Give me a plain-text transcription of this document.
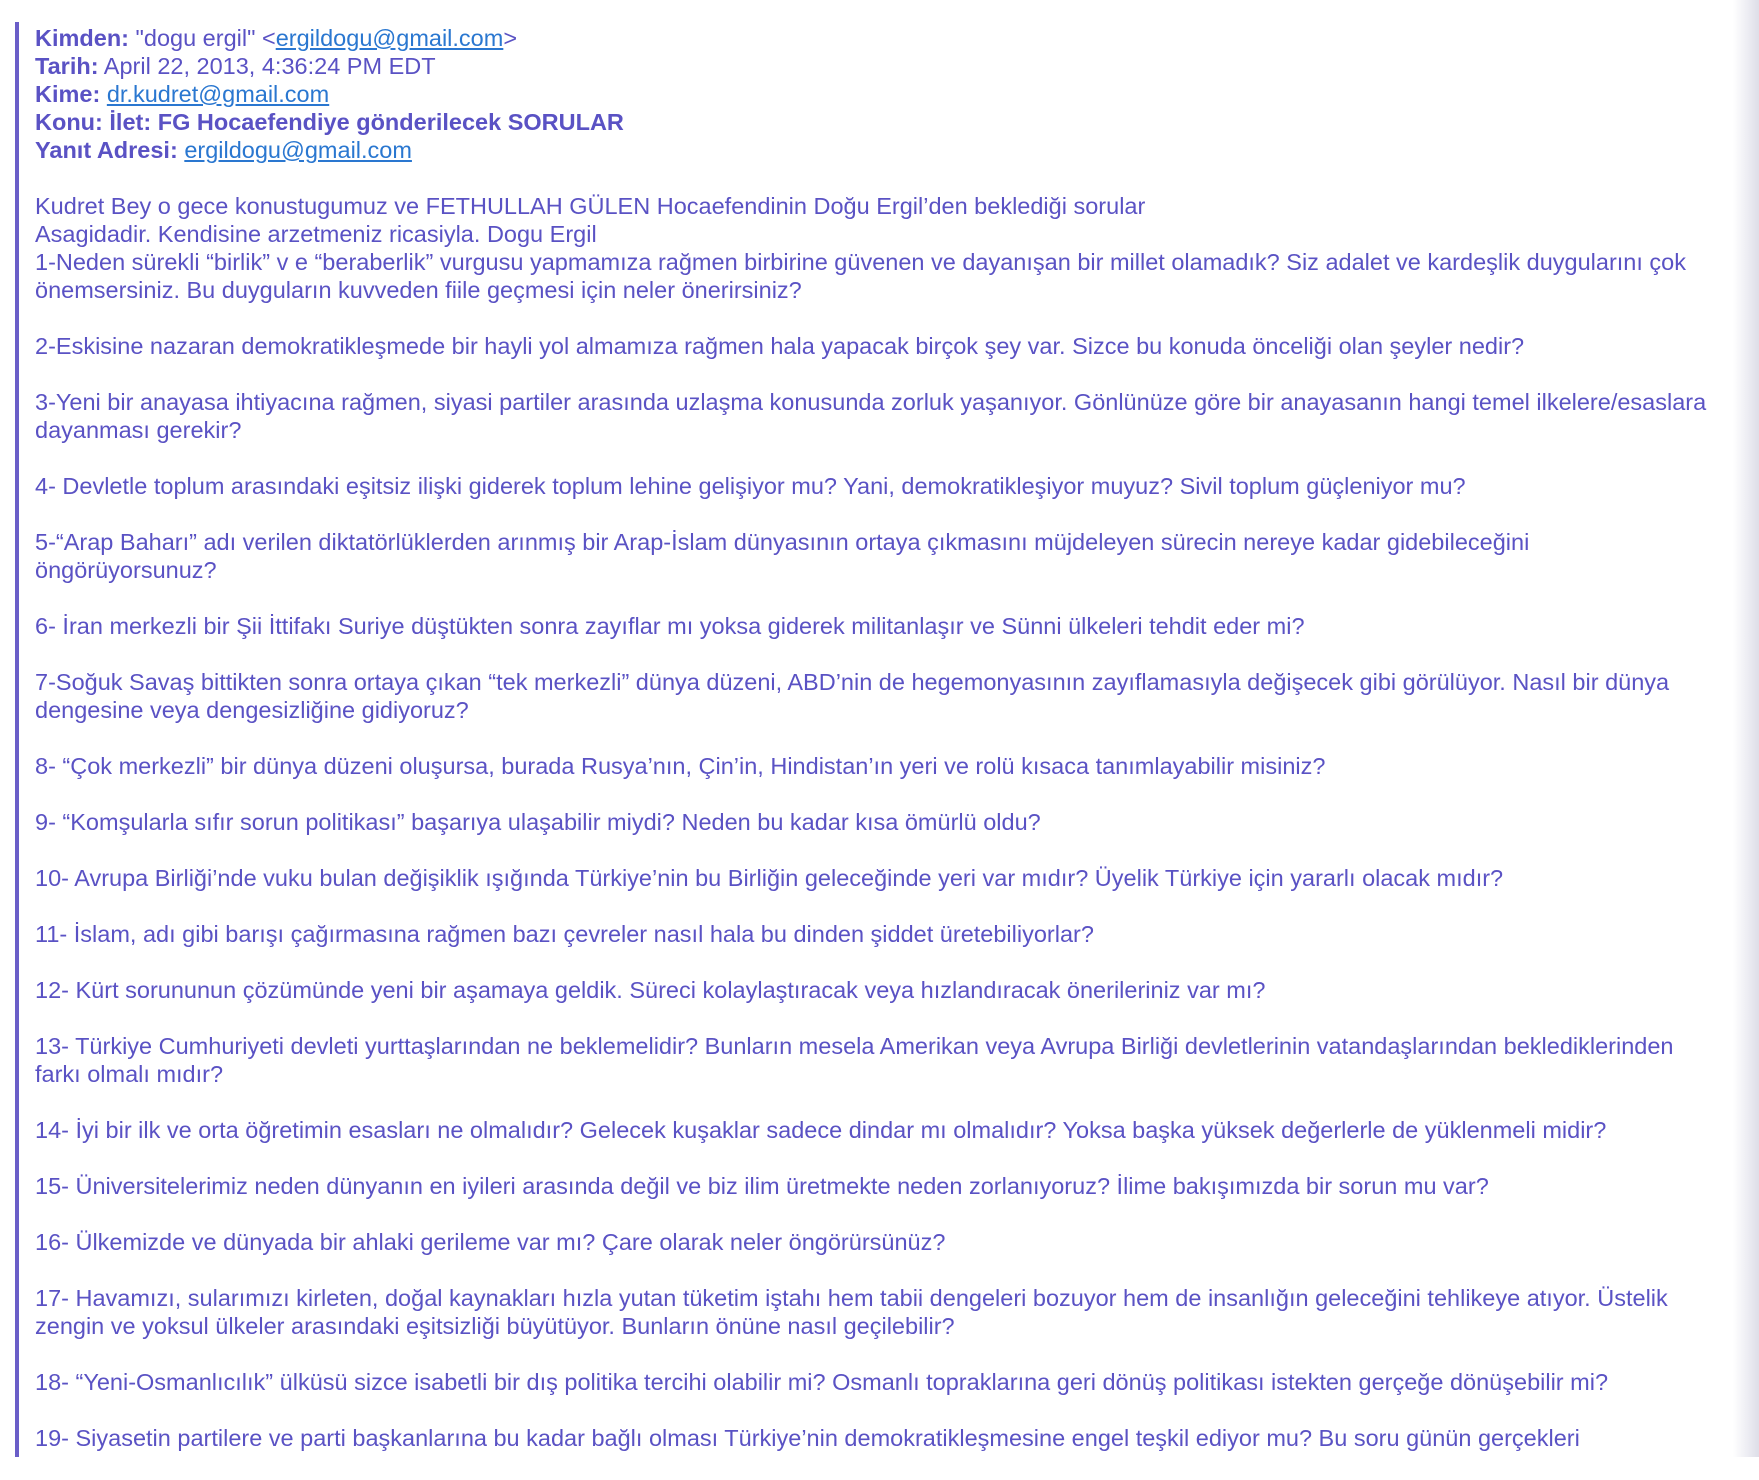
Kimden: "dogu ergil" <ergildogu@gmail.com>
Tarih: April 22, 2013, 4:36:24 PM EDT
Kime: dr.kudret@gmail.com
Konu: İlet: FG Hocaefendiye gönderilecek SORULAR
Yanıt Adresi: ergildogu@gmail.com
Kudret Bey o gece konustugumuz ve FETHULLAH GÜLEN Hocaefendinin Doğu Ergil’den beklediği sorular
Asagidadir. Kendisine arzetmeniz ricasiyla. Dogu Ergil

1-Neden sürekli “birlik” v e “beraberlik” vurgusu yapmamıza rağmen birbirine güvenen ve dayanışan bir millet olamadık? Siz adalet ve kardeşlik duygularını çok önemsersiniz. Bu duyguların kuvveden fiile geçmesi için neler önerirsiniz?

2-Eskisine nazaran demokratikleşmede bir hayli yol almamıza rağmen hala yapacak birçok şey var. Sizce bu konuda önceliği olan şeyler nedir?

3-Yeni bir anayasa ihtiyacına rağmen, siyasi partiler arasında uzlaşma konusunda zorluk yaşanıyor. Gönlünüze göre bir anayasanın hangi temel ilkelere/esaslara dayanması gerekir?

4- Devletle toplum arasındaki eşitsiz ilişki giderek toplum lehine gelişiyor mu? Yani, demokratikleşiyor muyuz? Sivil toplum güçleniyor mu?

5-“Arap Baharı” adı verilen diktatörlüklerden arınmış bir Arap-İslam dünyasının ortaya çıkmasını müjdeleyen sürecin nereye kadar gidebileceğini öngörüyorsunuz?

6- İran merkezli bir Şii İttifakı Suriye düştükten sonra zayıflar mı yoksa giderek militanlaşır ve Sünni ülkeleri tehdit eder mi?

7-Soğuk Savaş bittikten sonra ortaya çıkan “tek merkezli” dünya düzeni, ABD’nin de hegemonyasının zayıflamasıyla değişecek gibi görülüyor. Nasıl bir dünya dengesine veya dengesizliğine gidiyoruz?

8- “Çok merkezli” bir dünya düzeni oluşursa, burada Rusya’nın, Çin’in, Hindistan’ın yeri ve rolü kısaca tanımlayabilir misiniz?

9- “Komşularla sıfır sorun politikası” başarıya ulaşabilir miydi? Neden bu kadar kısa ömürlü oldu?

10- Avrupa Birliği’nde vuku bulan değişiklik ışığında Türkiye’nin bu Birliğin geleceğinde yeri var mıdır? Üyelik Türkiye için yararlı olacak mıdır?

11- İslam, adı gibi barışı çağırmasına rağmen bazı çevreler nasıl hala bu dinden şiddet üretebiliyorlar?

12- Kürt sorununun çözümünde yeni bir aşamaya geldik. Süreci kolaylaştıracak veya hızlandıracak önerileriniz var mı?

13- Türkiye Cumhuriyeti devleti yurttaşlarından ne beklemelidir? Bunların mesela Amerikan veya Avrupa Birliği devletlerinin vatandaşlarından beklediklerinden farkı olmalı mıdır?

14- İyi bir ilk ve orta öğretimin esasları ne olmalıdır? Gelecek kuşaklar sadece dindar mı olmalıdır? Yoksa başka yüksek değerlerle de yüklenmeli midir?

15- Üniversitelerimiz neden dünyanın en iyileri arasında değil ve biz ilim üretmekte neden zorlanıyoruz? İlime bakışımızda bir sorun mu var?

16- Ülkemizde ve dünyada bir ahlaki gerileme var mı? Çare olarak neler öngörürsünüz?

17- Havamızı, sularımızı kirleten, doğal kaynakları hızla yutan tüketim iştahı hem tabii dengeleri bozuyor hem de insanlığın geleceğini tehlikeye atıyor. Üstelik zengin ve yoksul ülkeler arasındaki eşitsizliği büyütüyor. Bunların önüne nasıl geçilebilir?

18- “Yeni-Osmanlıcılık” ülküsü sizce isabetli bir dış politika tercihi olabilir mi? Osmanlı topraklarına geri dönüş politikası istekten gerçeğe dönüşebilir mi?

19- Siyasetin partilere ve parti başkanlarına bu kadar bağlı olması Türkiye’nin demokratikleşmesine engel teşkil ediyor mu? Bu soru günün gerçekleri
